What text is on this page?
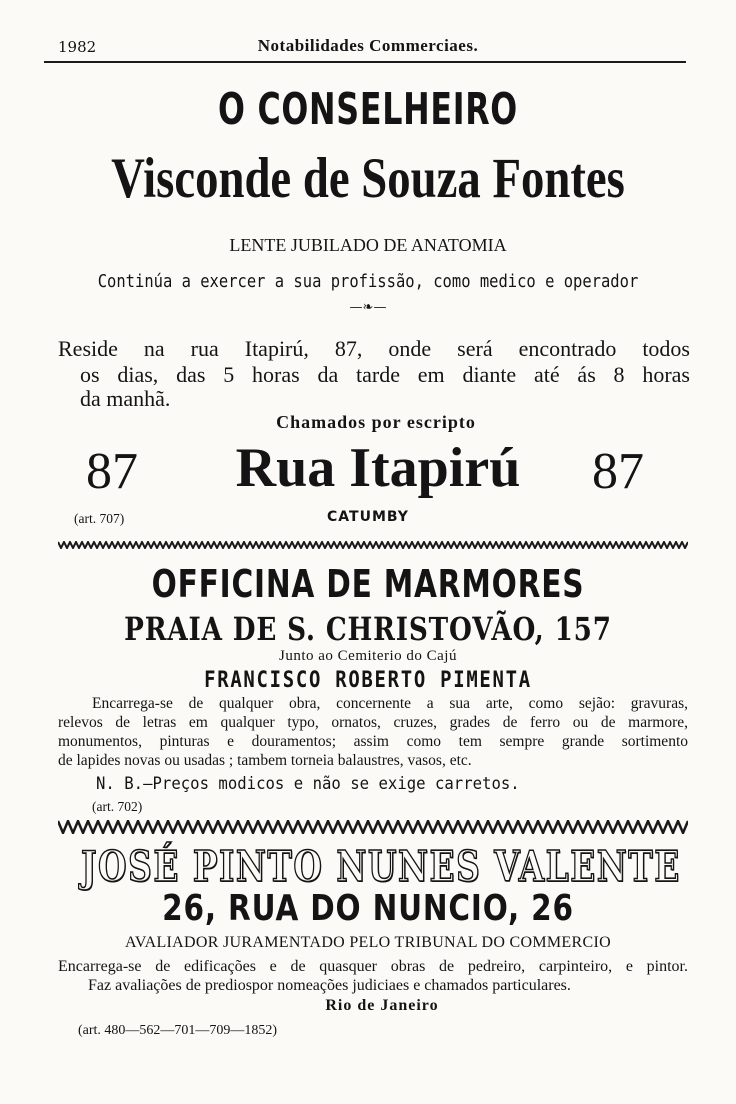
1982	Notabilidades Commerciaes.
O CONSELHEIRO
Visconde de Souza Fontes
LENTE JUBILADO DE ANATOMIA
Continúa a exercer a sua profissão, como medico e operador
—❧—
Reside na rua Itapirú, 87, onde será encontrado todos
os dias, das 5 horas da tarde em diante até ás 8 horas
da manhã.
Chamados por escripto
87	Rua Itapirú	87
(art. 707)	CATUMBY
OFFICINA DE MARMORES
PRAIA DE S. CHRISTOVÃO, 157
Junto ao Cemiterio do Cajú
FRANCISCO ROBERTO PIMENTA
Encarrega-se de qualquer obra, concernente a sua arte, como sejão: gravuras,
relevos de letras em qualquer typo, ornatos, cruzes, grades de ferro ou de marmore,
monumentos, pinturas e douramentos; assim como tem sempre grande sortimento
de lapides novas ou usadas ; tambem torneia balaustres, vasos, etc.
N. B.—Preços modicos e não se exige carretos.
(art. 702)
JOSÉ PINTO NUNES VALENTE
26, RUA DO NUNCIO, 26
AVALIADOR JURAMENTADO PELO TRIBUNAL DO COMMERCIO
Encarrega-se de edificações e de quasquer obras de pedreiro, carpinteiro, e pintor.
Faz avaliações de prediospor nomeações judiciaes e chamados particulares.
Rio de Janeiro
(art. 480—562—701—709—1852)
